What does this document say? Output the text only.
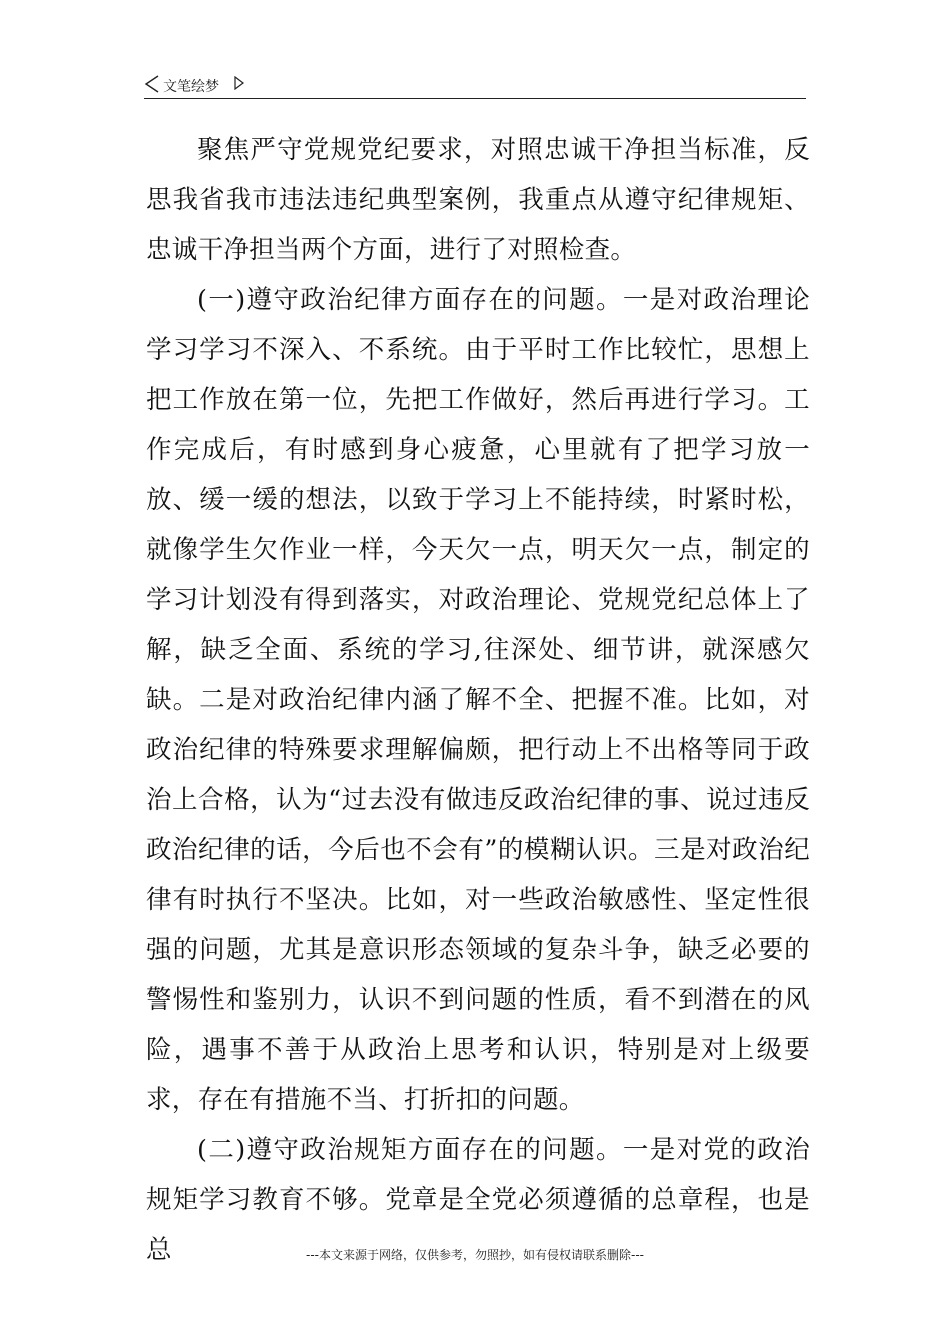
文笔绘梦

聚焦严守党规党纪要求，对照忠诚干净担当标准，反思我省我市违法违纪典型案例，我重点从遵守纪律规矩、忠诚干净担当两个方面，进行了对照检查。

(一)遵守政治纪律方面存在的问题。一是对政治理论学习学习不深入、不系统。由于平时工作比较忙，思想上把工作放在第一位，先把工作做好，然后再进行学习。工作完成后，有时感到身心疲惫，心里就有了把学习放一放、缓一缓的想法，以致于学习上不能持续，时紧时松，就像学生欠作业一样，今天欠一点，明天欠一点，制定的学习计划没有得到落实，对政治理论、党规党纪总体上了解，缺乏全面、系统的学习,往深处、细节讲，就深感欠缺。二是对政治纪律内涵了解不全、把握不准。比如，对政治纪律的特殊要求理解偏颇，把行动上不出格等同于政治上合格，认为“过去没有做违反政治纪律的事、说过违反政治纪律的话，今后也不会有”的模糊认识。三是对政治纪律有时执行不坚决。比如，对一些政治敏感性、坚定性很强的问题，尤其是意识形态领域的复杂斗争，缺乏必要的警惕性和鉴别力，认识不到问题的性质，看不到潜在的风险，遇事不善于从政治上思考和认识，特别是对上级要求，存在有措施不当、打折扣的问题。

(二)遵守政治规矩方面存在的问题。一是对党的政治规矩学习教育不够。党章是全党必须遵循的总章程，也是总	---本文来源于网络，仅供参考，勿照抄，如有侵权请联系删除---
